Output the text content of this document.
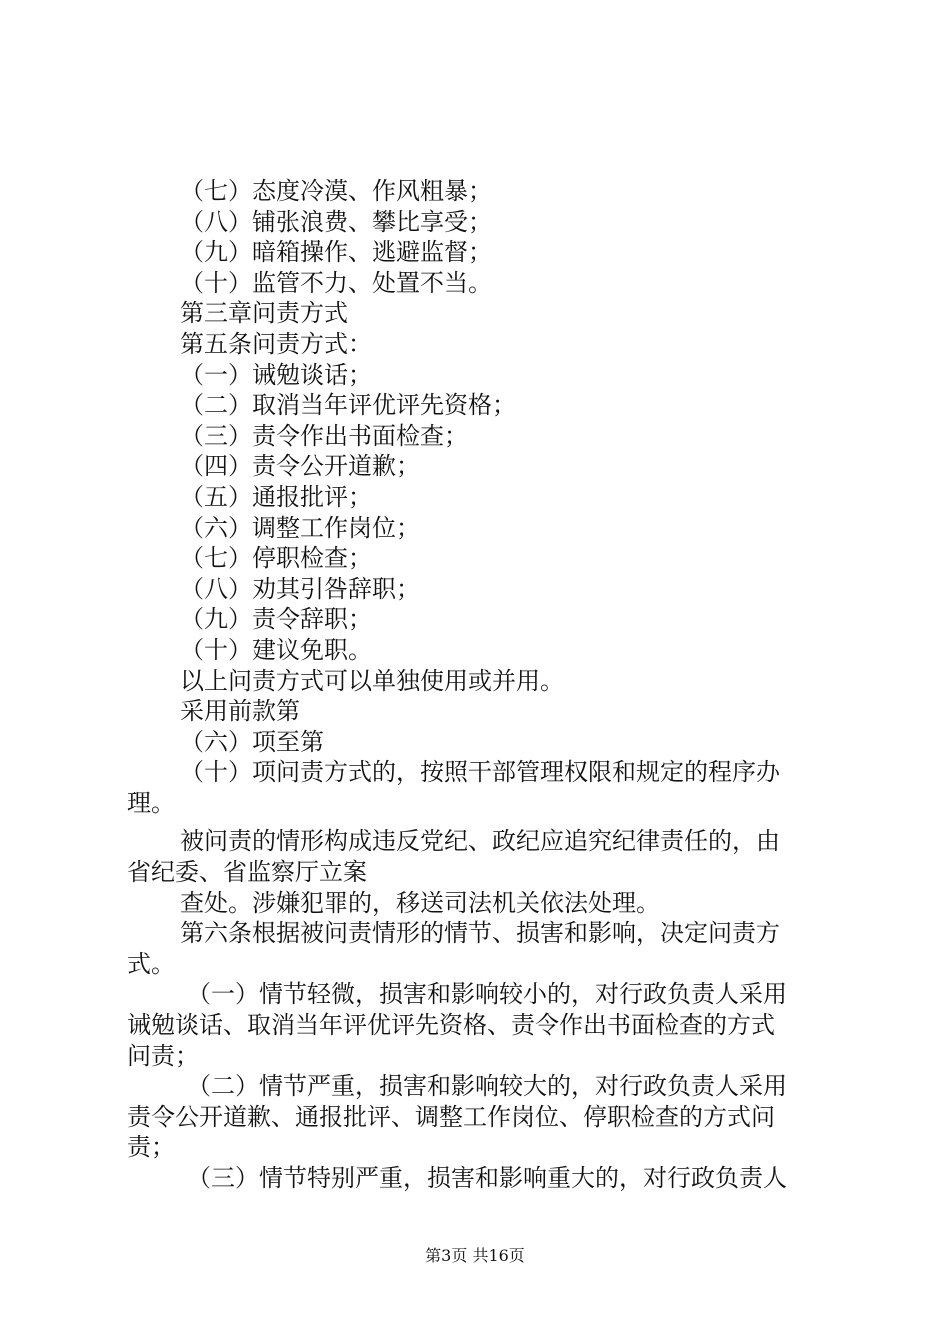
（七）态度冷漠、作风粗暴；
（八）铺张浪费、攀比享受；
（九）暗箱操作、逃避监督；
（十）监管不力、处置不当。
第三章问责方式
第五条问责方式：
（一）诫勉谈话；
（二）取消当年评优评先资格；
（三）责令作出书面检查；
（四）责令公开道歉；
（五）通报批评；
（六）调整工作岗位；
（七）停职检查；
（八）劝其引咎辞职；
（九）责令辞职；
（十）建议免职。
以上问责方式可以单独使用或并用。
采用前款第
（六）项至第
（十）项问责方式的，按照干部管理权限和规定的程序办
理。
被问责的情形构成违反党纪、政纪应追究纪律责任的，由
省纪委、省监察厅立案
查处。涉嫌犯罪的，移送司法机关依法处理。
第六条根据被问责情形的情节、损害和影响，决定问责方
式。
（一）情节轻微，损害和影响较小的，对行政负责人采用
诫勉谈话、取消当年评优评先资格、责令作出书面检查的方式
问责；
（二）情节严重，损害和影响较大的，对行政负责人采用
责令公开道歉、通报批评、调整工作岗位、停职检查的方式问
责；
（三）情节特别严重，损害和影响重大的，对行政负责人
第3页 共16页
